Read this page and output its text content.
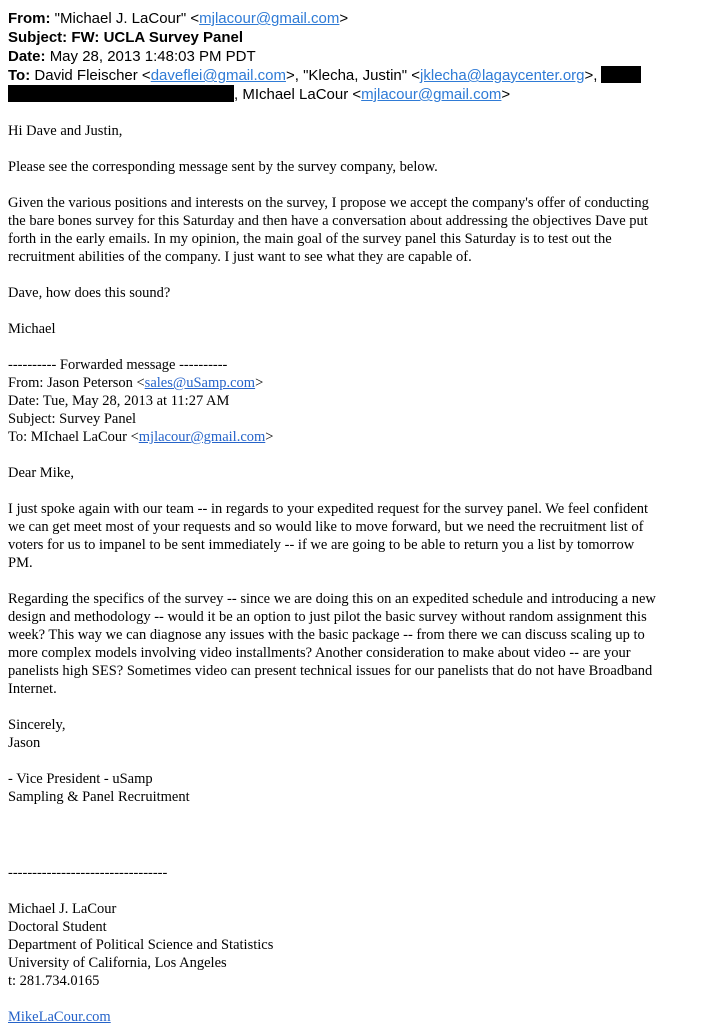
From: "Michael J. LaCour" <mjlacour@gmail.com>
Subject: FW: UCLA Survey Panel
Date: May 28, 2013 1:48:03 PM PDT
To: David Fleischer <daveflei@gmail.com>, "Klecha, Justin" <jklecha@lagaycenter.org>,
, MIchael LaCour <mjlacour@gmail.com>

Hi Dave and Justin,

Please see the corresponding message sent by the survey company, below.

Given the various positions and interests on the survey, I propose we accept the company's offer of conducting

the bare bones survey for this Saturday and then have a conversation about addressing the objectives Dave put

forth in the early emails. In my opinion, the main goal of the survey panel this Saturday is to test out the

recruitment abilities of the company. I just want to see what they are capable of.

Dave, how does this sound?

Michael

---------- Forwarded message ----------

From: Jason Peterson <sales@uSamp.com>

Date: Tue, May 28, 2013 at 11:27 AM

Subject: Survey Panel

To: MIchael LaCour <mjlacour@gmail.com>

Dear Mike,

I just spoke again with our team -- in regards to your expedited request for the survey panel. We feel confident

we can get meet most of your requests and so would like to move forward, but we need the recruitment list of

voters for us to impanel to be sent immediately -- if we are going to be able to return you a list by tomorrow

PM.

Regarding the specifics of the survey -- since we are doing this on an expedited schedule and introducing a new

design and methodology -- would it be an option to just pilot the basic survey without random assignment this

week? This way we can diagnose any issues with the basic package -- from there we can discuss scaling up to

more complex models involving video installments? Another consideration to make about video -- are your

panelists high SES? Sometimes video can present technical issues for our panelists that do not have Broadband

Internet.

Sincerely,

Jason

- Vice President - uSamp

Sampling & Panel Recruitment

---------------------------------

Michael J. LaCour

Doctoral Student

Department of Political Science and Statistics

University of California, Los Angeles

t: 281.734.0165

MikeLaCour.com
